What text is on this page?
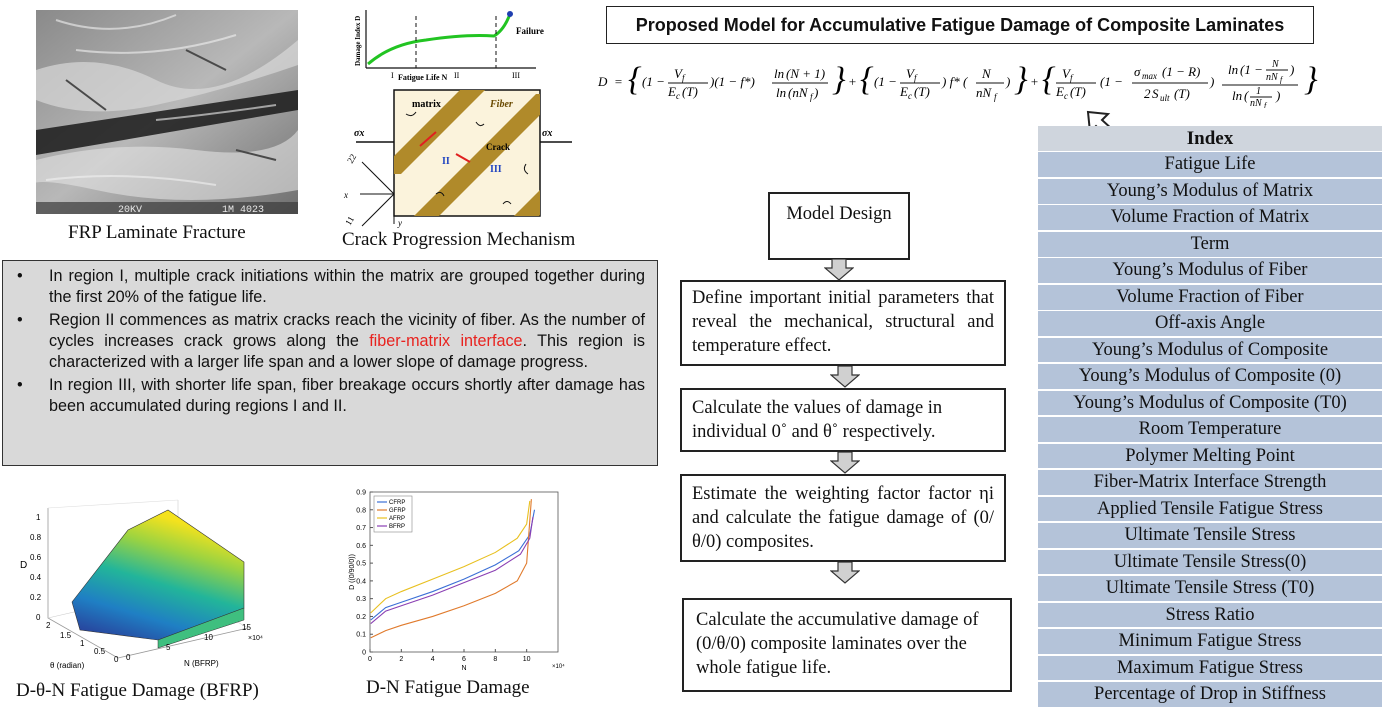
20KV	1M 4023
FRP Laminate Fracture
Failure
Fatigue Life N
Damage Index D
I	II	III
matrix	Fiber
Crack
II
III
σx	σx
x
y
22
11
Crack Progression Mechanism
Proposed Model for Accumulative Fatigue Damage of Composite Laminates
D = { (1 −
V f
E c (T)
)(1 − f*)
ln (N + 1)
ln (nN f ) } + { (1 −
V f
E c (T)
) f* (
N
nN f
) } + { V f
E c (T)
(1 −
σ max (1 − R)
2 S ult (T)
)
ln (1 − N
nN f
)
ln ( 1
nN f
) }
• In region I, multiple crack initiations within the matrix are grouped together during the first 20% of the fatigue life.
• Region II commences as matrix cracks reach the vicinity of fiber. As the number of cycles increases crack grows along the fiber-matrix interface. This region is characterized with a larger life span and a lower slope of damage progress.
• In region III, with shorter life span, fiber breakage occurs shortly after damage has been accumulated during regions I and II.
0
0.2
0.4
0.6
0.8
1
D
2
1.5
1
0.5
0
θ (radian)
0
5
10
15
×10⁴
N (BFRP)
D-θ-N Fatigue Damage (BFRP)
0
0.1
0.2
0.3
0.4
0.5
0.6
0.7
0.8
0.9
0	2	4	6	8	10
N	×10⁴
D ((0/90/0))
CFRP
GFRP
AFRP
BFRP
D-N Fatigue Damage
Model Design
Define important initial parameters that reveal the mechanical, structural and temperature effect.
Calculate the values of damage in individual 0˚ and θ˚ respectively.
Estimate the weighting factor factor ηi and calculate the fatigue damage of (0/θ/0) composites.
Calculate the accumulative damage of (0/θ/0) composite laminates over the whole fatigue life.
Index
Fatigue Life
Young’s Modulus of Matrix
Volume Fraction of Matrix
Term
Young’s Modulus of Fiber
Volume Fraction of Fiber
Off-axis Angle
Young’s Modulus of Composite
Young’s Modulus of Composite (0)
Young’s Modulus of Composite (T0)
Room Temperature
Polymer Melting Point
Fiber-Matrix Interface Strength
Applied Tensile Fatigue Stress
Ultimate Tensile Stress
Ultimate Tensile Stress(0)
Ultimate Tensile Stress (T0)
Stress Ratio
Minimum Fatigue Stress
Maximum Fatigue Stress
Percentage of Drop in Stiffness
